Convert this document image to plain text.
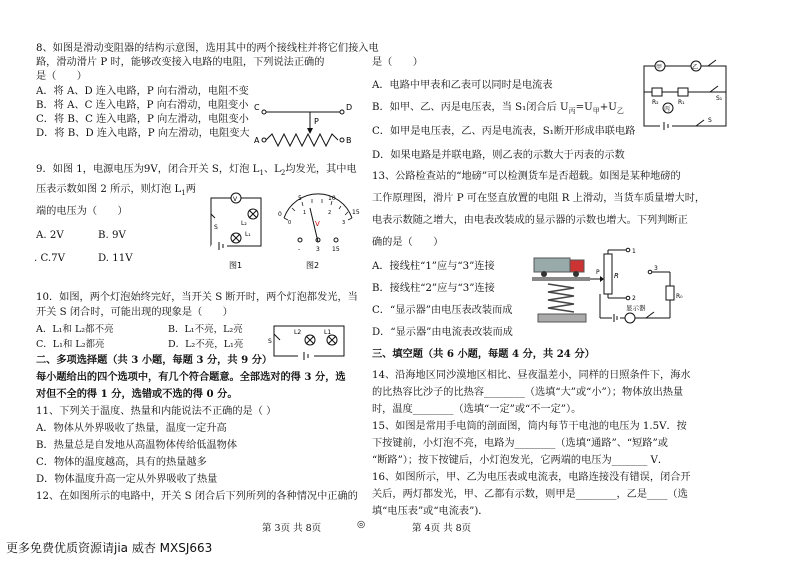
8、如图是滑动变阻器的结构示意图，选用其中的两个接线柱并将它们接入电
路，滑动滑片 P 时，能够改变接入电路的电阻，下列说法正确的
是（　　）
A．将 A、D 连入电路，P 向右滑动，电阻不变
B．将 A、C 连入电路，P 向右滑动，电阻变小
C．将 B、C 连入电路，P 向左滑动，电阻变小
D．将 B、D 连入电路，P 向左滑动，电阻变大
C	D
P
A	B
9．如图 1，电源电压为9V，闭合开关 S，灯泡 $L_1$、$L_2$均发光，其中电
压表示数如图 2 所示，则灯泡 $L_1$两
端的电压为（　　）
A. 2V	B. 9V
. C.7V	D. 11V
V
L₂
S
L₁
图1
0
5	10
15
0
1	2
3
V
-	3 15
图2
10．如图，两个灯泡始终完好，当开关 S 断开时，两个灯泡都发光，当
开关 S 闭合时，可能出现的现象是（　　）
A．L₁和 L₂都不亮	B．L₁不亮，L₂亮
C．L₁和 L₂都亮	D．L₂不亮，L₁亮
L2
S
L1
二、多项选择题（共 3 小题，每题 3 分，共 9 分）
每小题给出的四个选项中，有几个符合题意。全部选对的得 3 分，选
对但不全的得 1 分，选错或不选的得 0 分。
11、下列关于温度、热量和内能说法不正确的是（ ）
A．物体从外界吸收了热量，温度一定升高
B．热量总是自发地从高温物体传给低温物体
C．物体的温度越高，具有的热量越多
D．物体温度升高一定从外界吸收了热量
12、在如图所示的电路中，开关 S 闭合后下列所列的各种情况中正确的
是（　　）
A．电路中甲表和乙表可以同时是电流表
B．如甲、乙、丙是电压表，当 S₁闭合后 $U_丙=U_甲+U_乙$
C．如甲是电压表，乙、丙是电流表，S₁断开形成串联电路
D．如果电路是并联电路，则乙表的示数大于丙表的示数
甲	乙
R₂	R₁
S₁
丙
S
13、公路检查站的“地磅”可以检测货车是否超载。如图是某种地磅的
工作原理图，滑片 P 可在竖直放置的电阻 R 上滑动，当货车质量增大时，
电表示数随之增大，由电表改装成的显示器的示数也增大。下列判断正
确的是（　　）
A．接线柱“1”应与“3”连接
B．接线柱“2”应与“3”连接
C．“显示器”由电压表改装而成
D．“显示器”由电流表改装而成
P R
1
2
3
R₀
显示器
三、填空题（共 6 小题，每题 4 分，共 24 分）
14、沿海地区同沙漠地区相比、昼夜温差小，同样的日照条件下，海水
的比热容比沙子的比热容________（选填“大”或“小”）；物体放出热量
时，温度________（选填“一定”或“不一定”）。
15、如图是常用手电筒的剖面图，筒内每节干电池的电压为 1.5V．按
下按键前，小灯泡不亮，电路为________（选填“通路”、“短路”或
“断路”）；按下按键后，小灯泡发光，它两端的电压为_______ V．
16、如图所示，甲、乙为电压表或电流表，电路连接没有错误，闭合开
关后，两灯都发光，甲、乙都有示数，则甲是________，乙是____（选
填“电压表”或“电流表”)．
第 3页 共 8页	◎	第 4页 共 8页
更多免费优质资源请jia 威杏 MXSJ663
